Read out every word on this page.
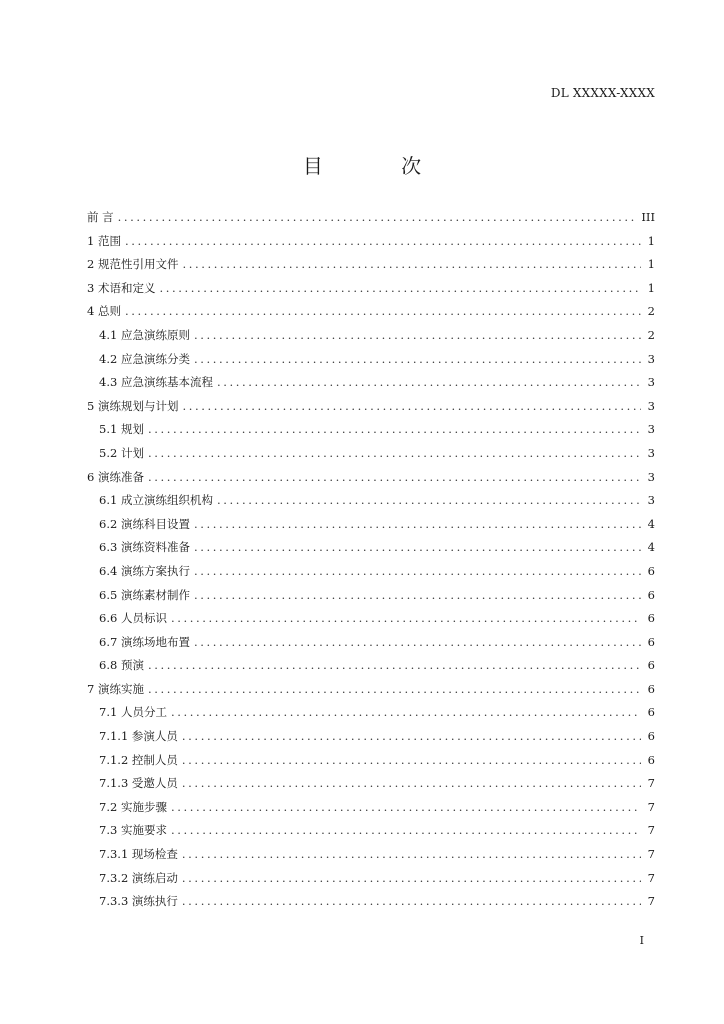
DL XXXXX-XXXX
目 次
前 言 .....	III
1 范围 .....	1
2 规范性引用文件 .....	1
3 术语和定义 .....	1
4 总则 .....	2
4.1 应急演练原则 .....	2
4.2 应急演练分类 .....	3
4.3 应急演练基本流程 .....	3
5 演练规划与计划 .....	3
5.1 规划 .....	3
5.2 计划 .....	3
6 演练准备 .....	3
6.1 成立演练组织机构 .....	3
6.2 演练科目设置 .....	4
6.3 演练资料准备 .....	4
6.4 演练方案执行 .....	6
6.5 演练素材制作 .....	6
6.6 人员标识 .....	6
6.7 演练场地布置 .....	6
6.8 预演 .....	6
7 演练实施 .....	6
7.1 人员分工 .....	6
7.1.1 参演人员 .....	6
7.1.2 控制人员 .....	6
7.1.3 受邀人员 .....	7
7.2 实施步骤 .....	7
7.3 实施要求 .....	7
7.3.1 现场检查 .....	7
7.3.2 演练启动 .....	7
7.3.3 演练执行 .....	7
I
